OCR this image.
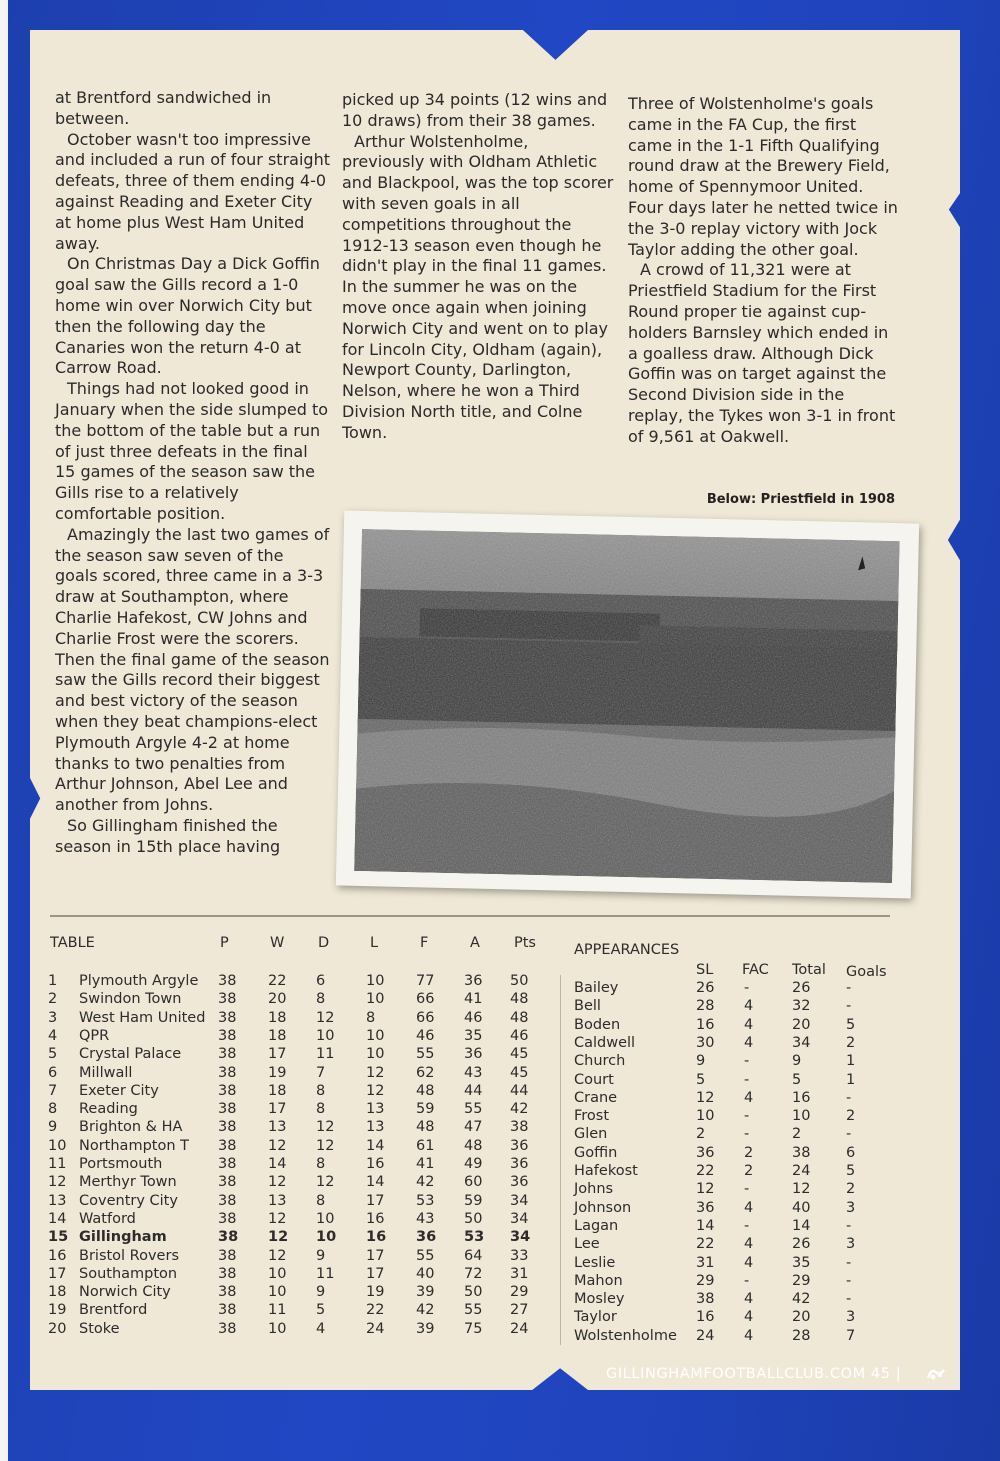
at Brentford sandwiched in between.

October wasn't too impressive and included a run of four straight defeats, three of them ending 4-0 against Reading and Exeter City at home plus West Ham United away.

On Christmas Day a Dick Goffin goal saw the Gills record a 1-0 home win over Norwich City but then the following day the Canaries won the return 4-0 at Carrow Road.

Things had not looked good in January when the side slumped to the bottom of the table but a run of just three defeats in the final 15 games of the season saw the Gills rise to a relatively comfortable position.

Amazingly the last two games of the season saw seven of the goals scored, three came in a 3-3 draw at Southampton, where Charlie Hafekost, CW Johns and Charlie Frost were the scorers. Then the final game of the season saw the Gills record their biggest and best victory of the season when they beat champions-elect Plymouth Argyle 4-2 at home thanks to two penalties from Arthur Johnson, Abel Lee and another from Johns.

So Gillingham finished the season in 15th place having

picked up 34 points (12 wins and 10 draws) from their 38 games.

Arthur Wolstenholme, previously with Oldham Athletic and Blackpool, was the top scorer with seven goals in all competitions throughout the 1912-13 season even though he didn't play in the final 11 games. In the summer he was on the move once again when joining Norwich City and went on to play for Lincoln City, Oldham (again), Newport County, Darlington, Nelson, where he won a Third Division North title, and Colne Town.

Three of Wolstenholme's goals came in the FA Cup, the first came in the 1-1 Fifth Qualifying round draw at the Brewery Field, home of Spennymoor United. Four days later he netted twice in the 3-0 replay victory with Jock Taylor adding the other goal.

A crowd of 11,321 were at Priestfield Stadium for the First Round proper tie against cup-holders Barnsley which ended in a goalless draw. Although Dick Goffin was on target against the Second Division side in the replay, the Tykes won 3-1 in front of 9,561 at Oakwell.

Below: Priestfield in 1908
TABLE	P	W D	L	F	A Pts
1 Plymouth Argyle 38 22 6	10 77 36 50
2 Swindon Town	38 20 8	10 66 41 48
3 West Ham United 38 18 12 8	66 46 48
4 QPR	38 18 10 10 46 35 46
5 Crystal Palace	38 17 11 10 55 36 45
6 Millwall	38 19 7	12 62 43 45
7 Exeter City	38 18 8	12 48 44 44
8 Reading	38 17 8	13 59 55 42
9 Brighton & HA 38 13 12 13 48 47 38
10 Northampton T 38 12 12 14 61 48 36
11 Portsmouth	38 14 8	16 41 49 36
12 Merthyr Town	38 12 12 14 42 60 36
13 Coventry City	38 13 8	17 53 59 34
14 Watford	38 12 10 16 43 50 34
15 Gillingham	38 12 10 16 36 53 34
16 Bristol Rovers	38 12 9	17 55 64 33
17 Southampton	38 10 11 17 40 72 31
18 Norwich City	38 10 9	19 39 50 29
19 Brentford	38 11 5	22 42 55 27
20 Stoke	38 10 4	24 39 75 24
APPEARANCES
SL FAC Total Goals
Bailey	26 -	26 -
Bell	28 4	32 -
Boden	16 4	20 5
Caldwell	30 4	34 2
Church	9	-	9	1
Court	5	-	5	1
Crane	12 4	16 -
Frost	10 -	10 2
Glen	2	-	2	-
Goffin	36 2	38 6
Hafekost	22 2	24 5
Johns	12 -	12 2
Johnson	36 4	40 3
Lagan	14 -	14 -
Lee	22 4	26 3
Leslie	31 4	35 -
Mahon	29 -	29 -
Mosley	38 4	42 -
Taylor	16 4	20 3
Wolstenholme 24 4	28 7
GILLINGHAMFOOTBALLCLUB.COM 45 |
